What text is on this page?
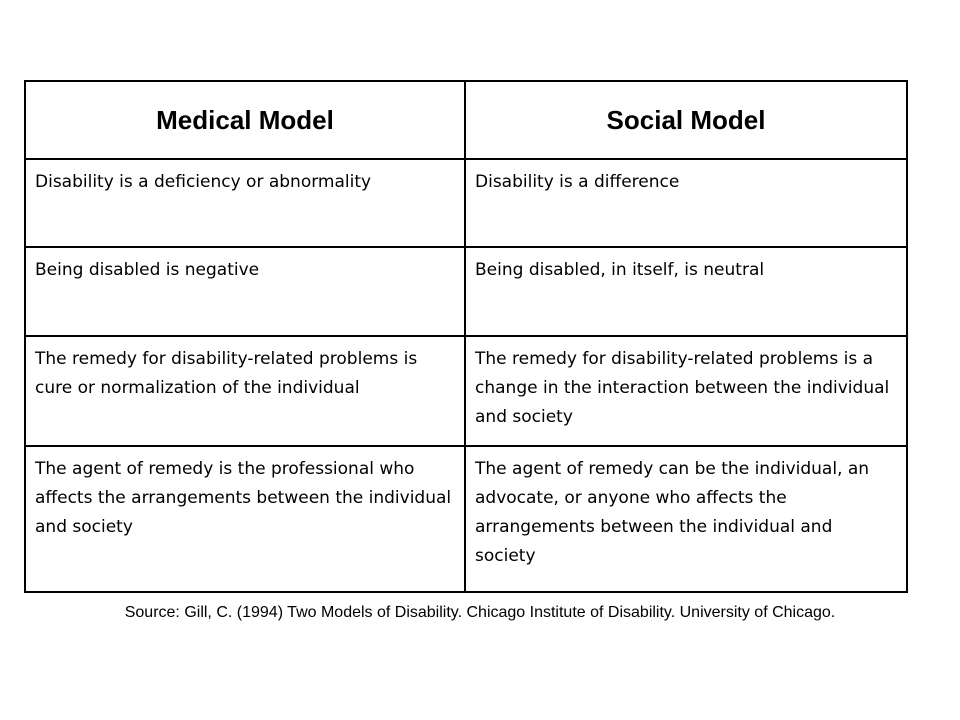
Medical Model	Social Model
Disability is a deficiency or abnormality	Disability is a difference
Being disabled is negative	Being disabled, in itself, is neutral
The remedy for disability-related problems is cure or normalization of the individual	The remedy for disability-related problems is a change in the interaction between the individual and society
The agent of remedy is the professional who affects the arrangements between the individual and society	The agent of remedy can be the individual, an advocate, or anyone who affects the arrangements between the individual and society
Source: Gill, C. (1994) Two Models of Disability. Chicago Institute of Disability. University of Chicago.
